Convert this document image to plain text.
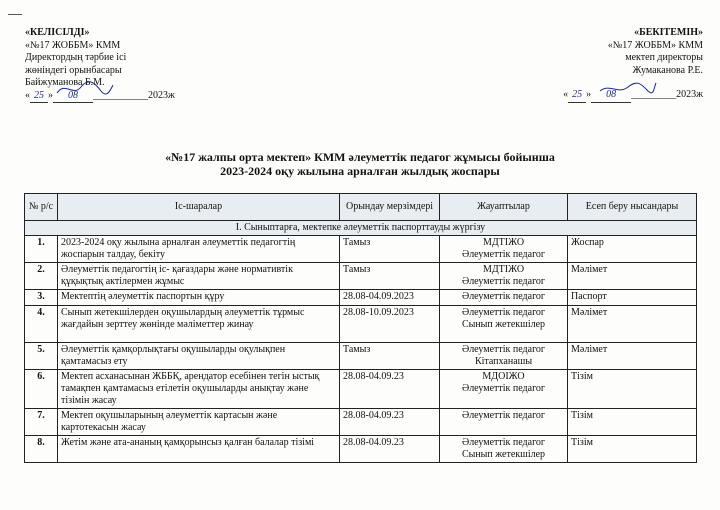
«КЕЛІСІЛДІ»
«№17 ЖОББМ» КММ
Директордың тәрбие ісі
жөніндегі орынбасары
Байжуманова Б.М.
« 25 » 08 ___________2023ж
«БЕКІТЕМІН»
«№17 ЖОББМ» КММ
мектеп директоры
Жумаканова Р.Е.
« 25 » 08 _________2023ж
«№17 жалпы орта мектеп» КММ әлеуметтік педагог жұмысы бойынша
2023-2024 оқу жылына арналған жылдық жоспары
№ р/с	Іс-шаралар	Орындау мерзімдері	Жауаптылар	Есеп беру нысандары
I. Сыныптарға, мектепке әлеуметтік паспорттауды жүргізу				
1.	2023-2024 оқу жылына арналған әлеуметтік педагогтің жоспарын талдау, бекіту	Тамыз	МДТІЖО
Әлеуметтік педагог	Жоспар
2.	Әлеуметтік педагогтің іс- қағаздары және нормативтік құқықтық актілермен жұмыс	Тамыз	МДТІЖО
Әлеуметтік педагог	Мәлімет
3.	Мектептің әлеуметтік паспортын құру	28.08-04.09.2023	Әлеуметтік педагог	Паспорт
4.	Сынып жетекшілерден оқушылардың әлеуметтік тұрмыс жағдайын зерттеу жөнінде мәліметтер жинау	28.08-10.09.2023	Әлеуметтік педагог
Сынып жетекшілер	Мәлімет
5.	Әлеуметтік қамқорлықтағы оқушыларды оқулықпен қамтамасыз ету	Тамыз	Әлеуметтік педагог
Кітапханашы	Мәлімет
6.	Мектеп асханасынан ЖББҚ, арендатор есебінен тегін ыстық тамақпен қамтамасыз етілетін оқушыларды анықтау және тізімін жасау	28.08-04.09.23	МДОІЖО
Әлеуметтік педагог	Тізім
7.	Мектеп оқушыларының әлеуметтік картасын және картотекасын жасау	28.08-04.09.23	Әлеуметтік педагог	Тізім
8.	Жетім және ата-ананың қамқорынсыз қалған балалар тізімі	28.08-04.09.23	Әлеуметтік педагог
Сынып жетекшілер	Тізім
